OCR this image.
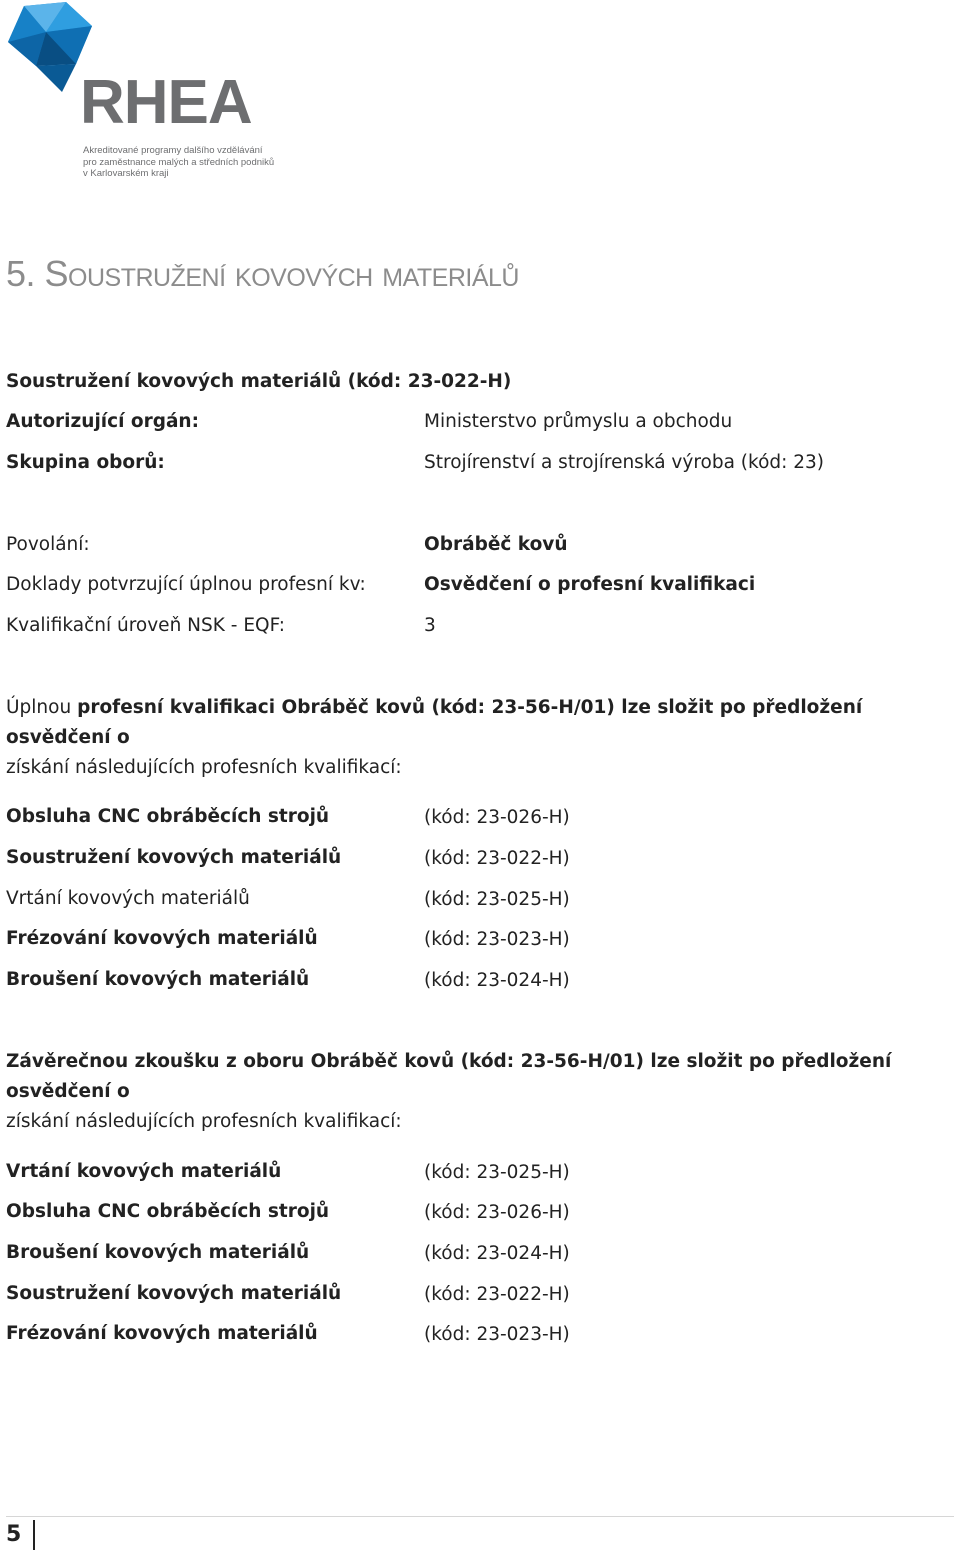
RHEA
Akreditované programy dalšího vzdělávání
pro zaměstnance malých a středních podniků
v Karlovarském kraji
5. Soustružení kovových materiálů
Soustružení kovových materiálů (kód: 23-022-H)
Autorizující orgán:	Ministerstvo průmyslu a obchodu
Skupina oborů:	Strojírenství a strojírenská výroba (kód: 23)
Povolání:	Obráběč kovů
Doklady potvrzující úplnou profesní kv:	Osvědčení o profesní kvalifikaci
Kvalifikační úroveň NSK - EQF:	3
Úplnou profesní kvalifikaci Obráběč kovů (kód: 23-56-H/01) lze složit po předložení osvědčení o
získání následujících profesních kvalifikací:
Obsluha CNC obráběcích strojů	(kód: 23-026-H)
Soustružení kovových materiálů	(kód: 23-022-H)
Vrtání kovových materiálů	(kód: 23-025-H)
Frézování kovových materiálů	(kód: 23-023-H)
Broušení kovových materiálů	(kód: 23-024-H)
Závěrečnou zkoušku z oboru Obráběč kovů (kód: 23-56-H/01) lze složit po předložení osvědčení o
získání následujících profesních kvalifikací:
Vrtání kovových materiálů	(kód: 23-025-H)
Obsluha CNC obráběcích strojů	(kód: 23-026-H)
Broušení kovových materiálů	(kód: 23-024-H)
Soustružení kovových materiálů	(kód: 23-022-H)
Frézování kovových materiálů	(kód: 23-023-H)
5
